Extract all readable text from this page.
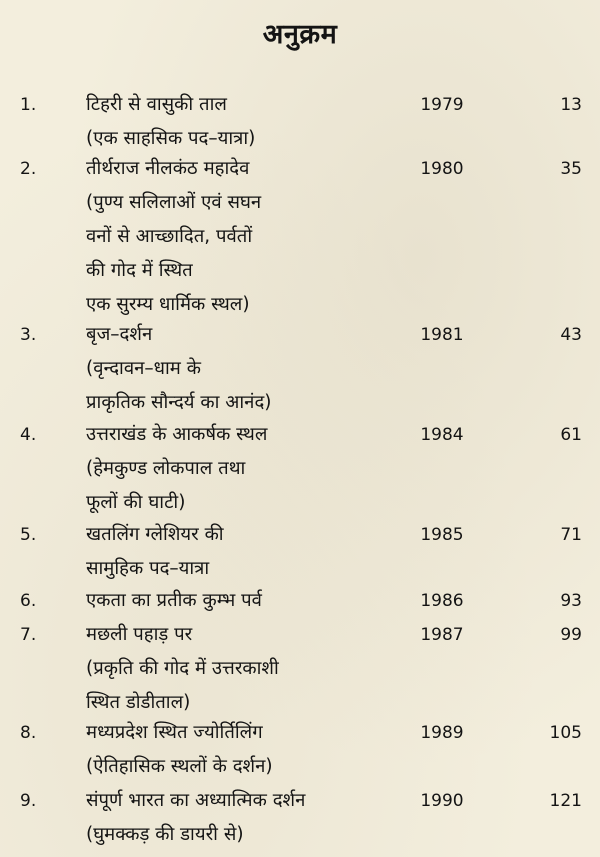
अनुक्रम
1.	टिहरी से वासुकी ताल
(एक साहसिक पद–यात्रा)
1979	13
2.	तीर्थराज नीलकंठ महादेव
(पुण्य सलिलाओं एवं सघन
वनों से आच्छादित, पर्वतों
की गोद में स्थित
एक सुरम्य धार्मिक स्थल)
1980	35
3.	बृज–दर्शन
(वृन्दावन–धाम के
प्राकृतिक सौन्दर्य का आनंद)
1981	43
4.	उत्तराखंड के आकर्षक स्थल
(हेमकुण्ड लोकपाल तथा
फूलों की घाटी)
1984	61
5.	खतलिंग ग्लेशियर की
सामुहिक पद–यात्रा
1985	71
6.	एकता का प्रतीक कुम्भ पर्व	1986	93
7.	मछली पहाड़ पर
(प्रकृति की गोद में उत्तरकाशी
स्थित डोडीताल)
1987	99
8.	मध्यप्रदेश स्थित ज्योर्तिलिंग
(ऐतिहासिक स्थलों के दर्शन)
1989	105
9.	संपूर्ण भारत का अध्यात्मिक दर्शन
(घुमक्कड़ की डायरी से)
1990	121
